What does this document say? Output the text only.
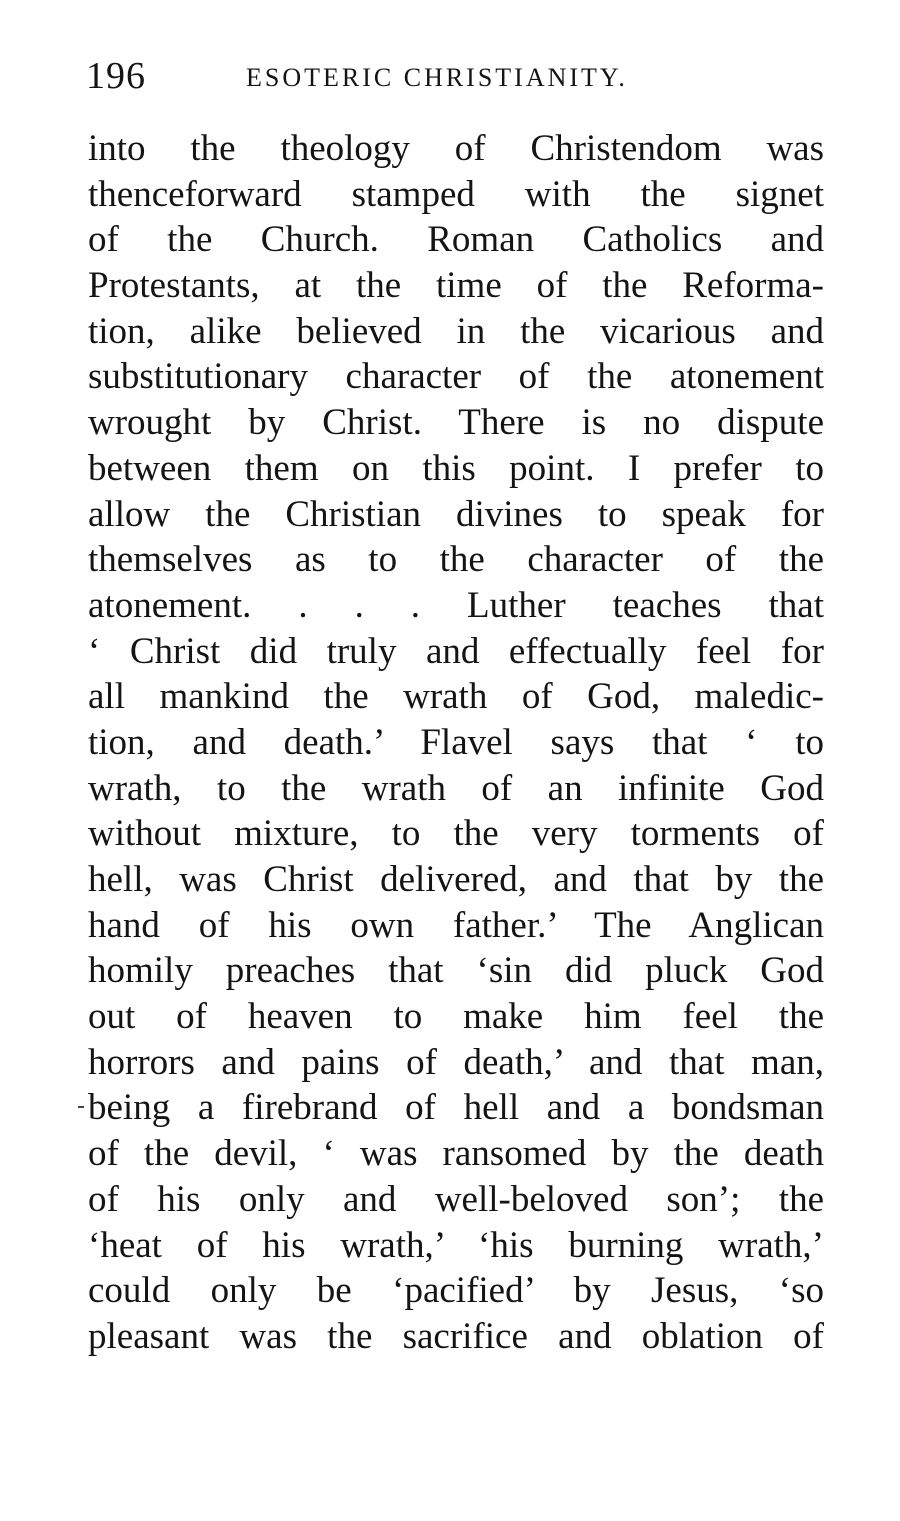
196	ESOTERIC CHRISTIANITY.
into the theology of Christendom was
thenceforward stamped with the signet
of the Church. Roman Catholics and
Protestants, at the time of the Reforma-
tion, alike believed in the vicarious and
substitutionary character of the atonement
wrought by Christ. There is no dispute
between them on this point. I prefer to
allow the Christian divines to speak for
themselves as to the character of the
atonement. . . . Luther teaches that
‘ Christ did truly and effectually feel for
all mankind the wrath of God, maledic-
tion, and death.’ Flavel says that ‘ to
wrath, to the wrath of an infinite God
without mixture, to the very torments of
hell, was Christ delivered, and that by the
hand of his own father.’ The Anglican
homily preaches that ‘sin did pluck God
out of heaven to make him feel the
horrors and pains of death,’ and that man,
being a firebrand of hell and a bondsman
of the devil, ‘ was ransomed by the death
of his only and well-beloved son’; the
‘heat of his wrath,’ ‘his burning wrath,’
could only be ‘pacified’ by Jesus, ‘so
pleasant was the sacrifice and oblation of
